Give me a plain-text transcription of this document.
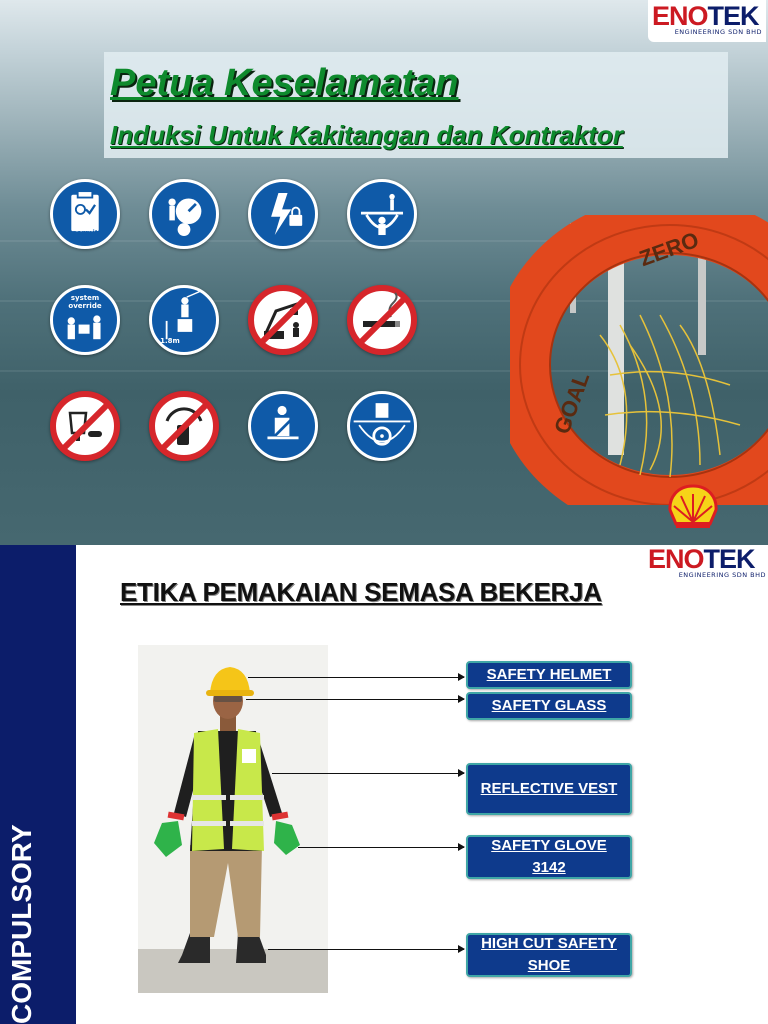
ENOTEK
ENGINEERING SDN BHD
Petua Keselamatan
Induksi Untuk Kakitangan dan Kontraktor
permit
system override
1.8m
GOAL
ZERO
COMPULSORY
ENOTEK
ENGINEERING SDN BHD
ETIKA PEMAKAIAN SEMASA BEKERJA
SAFETY HELMET
SAFETY GLASS
REFLECTIVE VEST
SAFETY GLOVE 3142
HIGH CUT SAFETY SHOE
